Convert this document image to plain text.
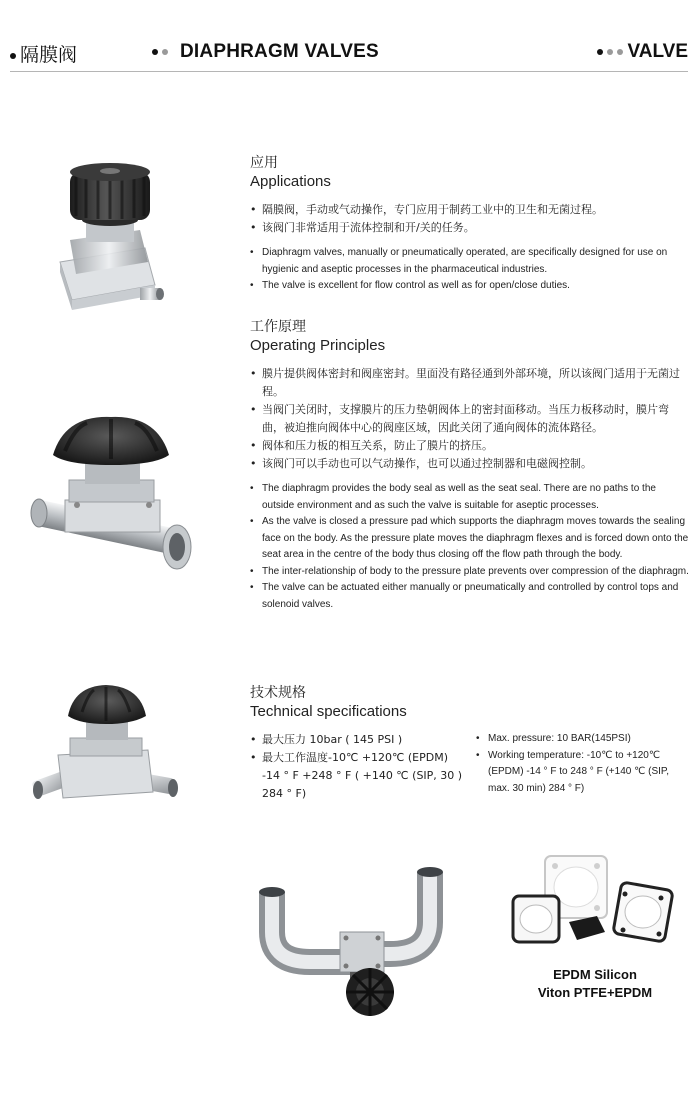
隔膜阀	DIAPHRAGM VALVES	VALVE
应用
Applications
• 隔膜阀，手动或气动操作，专门应用于制药工业中的卫生和无菌过程。
• 该阀门非常适用于流体控制和开/关的任务。
• Diaphragm valves, manually or pneumatically operated, are specifically designed for use on hygienic and aseptic processes in the pharmaceutical industries.
• The valve is excellent for flow control as well as for open/close duties.
工作原理
Operating Principles
• 膜片提供阀体密封和阀座密封。里面没有路径通到外部环境，所以该阀门适用于无菌过程。
• 当阀门关闭时，支撑膜片的压力垫朝阀体上的密封面移动。当压力板移动时，膜片弯曲，被迫推向阀体中心的阀座区域，因此关闭了通向阀体的流体路径。
• 阀体和压力板的相互关系，防止了膜片的挤压。
• 该阀门可以手动也可以气动操作，也可以通过控制器和电磁阀控制。
• The diaphragm provides the body seal as well as the seat seal. There are no paths to the outside environment and as such the valve is suitable for aseptic processes.
• As the valve is closed a pressure pad which supports the diaphragm moves towards the sealing face on the body. As the pressure plate moves the diaphragm flexes and is forced down onto the seat area in the centre of the body thus closing off the flow path through the body.
• The inter-relationship of body to the pressure plate prevents over compression of the diaphragm.
• The valve can be actuated either manually or pneumatically and controlled by control tops and solenoid valves.
技术规格
Technical specifications
• 最大压力 10bar ( 145 PSI )
• 最大工作温度-10℃ +120℃ (EPDM) -14 ° F +248 ° F ( +140 ℃ (SIP, 30 ) 284 ° F)
• Max. pressure: 10 BAR(145PSI)
• Working temperature: -10℃ to +120℃ (EPDM) -14 ° F to 248 ° F (+140 ℃ (SIP, max. 30 min) 284 ° F)
EPDM Silicon
Viton PTFE+EPDM
